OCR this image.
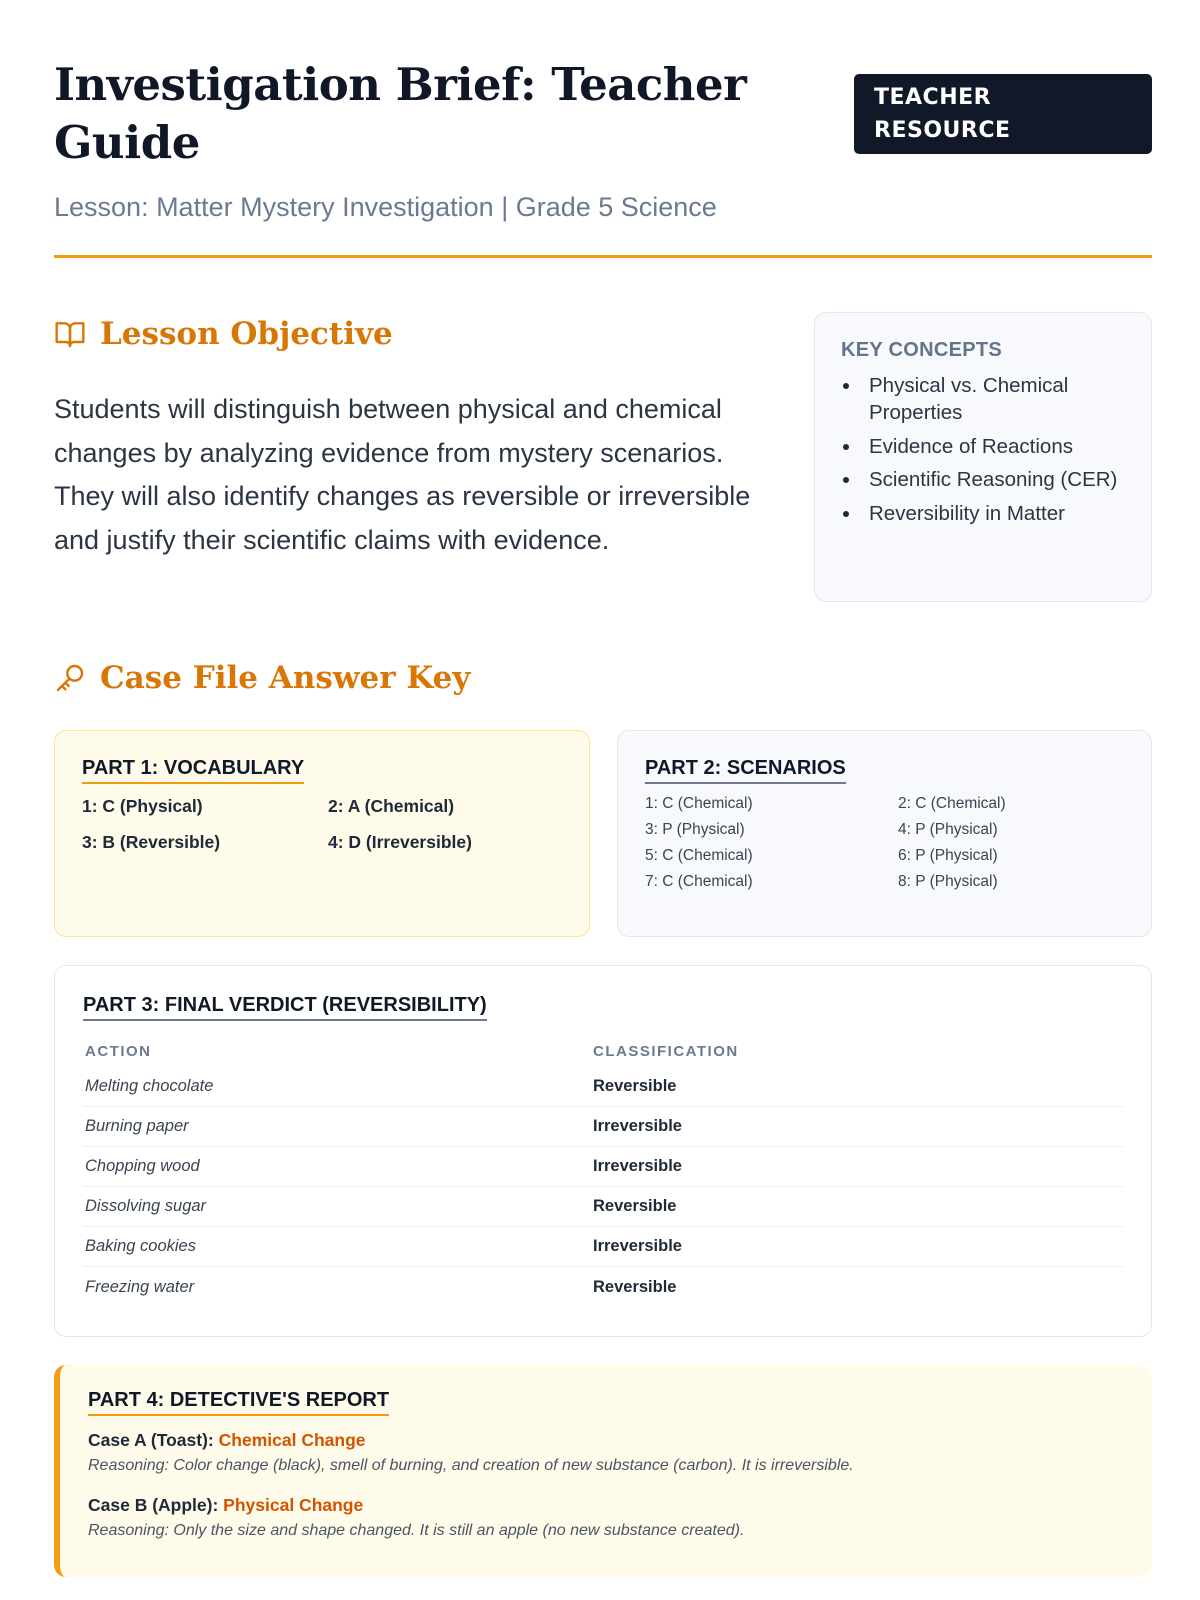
Investigation Brief: Teacher Guide
Lesson: Matter Mystery Investigation | Grade 5 Science
TEACHER RESOURCE
Lesson Objective

Students will distinguish between physical and chemical changes by analyzing evidence from mystery scenarios. They will also identify changes as reversible or irreversible and justify their scientific claims with evidence.

KEY CONCEPTS
Physical vs. Chemical Properties
Evidence of Reactions
Scientific Reasoning (CER)
Reversibility in Matter
Case File Answer Key
PART 1: VOCABULARY
1: C (Physical)	2: A (Chemical)
3: B (Reversible)	4: D (Irreversible)
PART 2: SCENARIOS
1: C (Chemical)	2: C (Chemical)
3: P (Physical)	4: P (Physical)
5: C (Chemical)	6: P (Physical)
7: C (Chemical)	8: P (Physical)
PART 3: FINAL VERDICT (REVERSIBILITY)
ACTION	CLASSIFICATION
Melting chocolate	Reversible
Burning paper	Irreversible
Chopping wood	Irreversible
Dissolving sugar	Reversible
Baking cookies	Irreversible
Freezing water	Reversible
PART 4: DETECTIVE'S REPORT
Case A (Toast): Chemical Change
Reasoning: Color change (black), smell of burning, and creation of new substance (carbon). It is irreversible.
Case B (Apple): Physical Change
Reasoning: Only the size and shape changed. It is still an apple (no new substance created).
